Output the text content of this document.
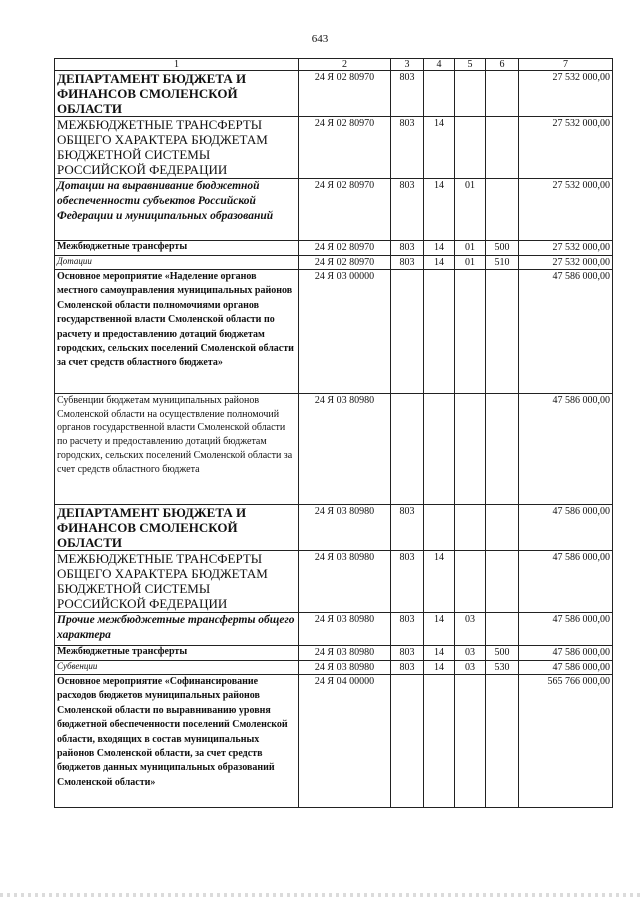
643
1	2	3	4	5	6	7
ДЕПАРТАМЕНТ БЮДЖЕТА И ФИНАНСОВ СМОЛЕНСКОЙ ОБЛАСТИ	24 Я 02 80970	803				27 532 000,00
МЕЖБЮДЖЕТНЫЕ ТРАНСФЕРТЫ ОБЩЕГО ХАРАКТЕРА БЮДЖЕТАМ БЮДЖЕТНОЙ СИСТЕМЫ РОССИЙСКОЙ ФЕДЕРАЦИИ	24 Я 02 80970	803	14			27 532 000,00
Дотации на выравнивание бюджетной обеспеченности субъектов Российской Федерации и муниципальных образований	24 Я 02 80970	803	14	01		27 532 000,00
Межбюджетные трансферты	24 Я 02 80970	803	14	01	500	27 532 000,00
Дотации	24 Я 02 80970	803	14	01	510	27 532 000,00
Основное мероприятие «Наделение органов местного самоуправления муниципальных районов Смоленской области полномочиями органов государственной власти Смоленской области по расчету и предоставлению дотаций бюджетам городских, сельских поселений Смоленской области за счет средств областного бюджета»	24 Я 03 00000					47 586 000,00
Субвенции бюджетам муниципальных районов Смоленской области на осуществление полномочий органов государственной власти Смоленской области по расчету и предоставлению дотаций бюджетам городских, сельских поселений Смоленской области за счет средств областного бюджета	24 Я 03 80980					47 586 000,00
ДЕПАРТАМЕНТ БЮДЖЕТА И ФИНАНСОВ СМОЛЕНСКОЙ ОБЛАСТИ	24 Я 03 80980	803				47 586 000,00
МЕЖБЮДЖЕТНЫЕ ТРАНСФЕРТЫ ОБЩЕГО ХАРАКТЕРА БЮДЖЕТАМ БЮДЖЕТНОЙ СИСТЕМЫ РОССИЙСКОЙ ФЕДЕРАЦИИ	24 Я 03 80980	803	14			47 586 000,00
Прочие межбюджетные трансферты общего характера	24 Я 03 80980	803	14	03		47 586 000,00
Межбюджетные трансферты	24 Я 03 80980	803	14	03	500	47 586 000,00
Субвенции	24 Я 03 80980	803	14	03	530	47 586 000,00
Основное мероприятие «Софинансирование расходов бюджетов муниципальных районов Смоленской области по выравниванию уровня бюджетной обеспеченности поселений Смоленской области, входящих в состав муниципальных районов Смоленской области, за счет средств бюджетов данных муниципальных образований Смоленской области»	24 Я 04 00000					565 766 000,00
